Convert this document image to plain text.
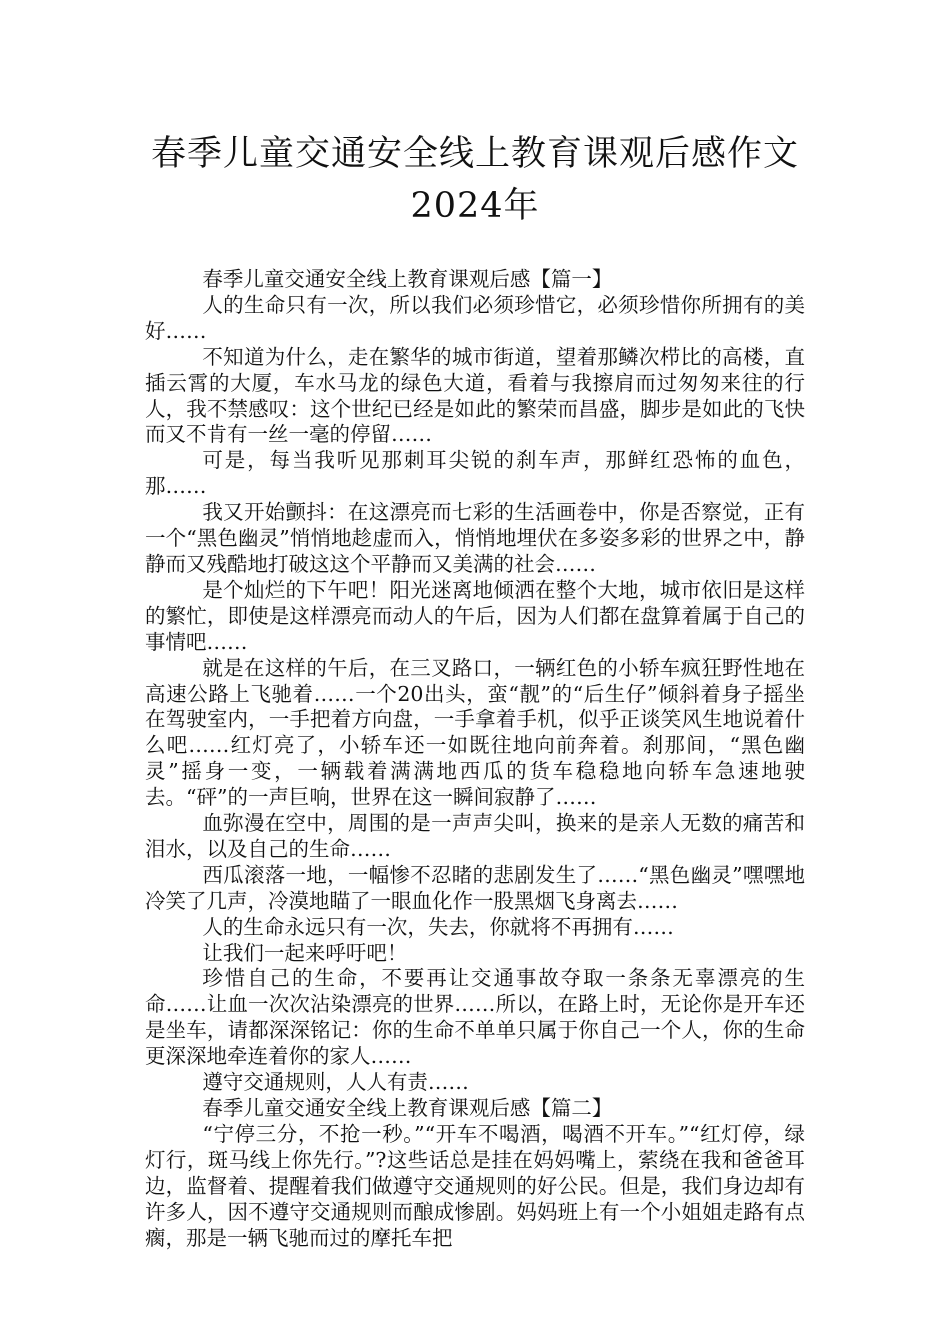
春季儿童交通安全线上教育课观后感作文
2024年

春季儿童交通安全线上教育课观后感【篇一】

人的生命只有一次，所以我们必须珍惜它，必须珍惜你所拥有的美好……

不知道为什么，走在繁华的城市街道，望着那鳞次栉比的高楼，直插云霄的大厦，车水马龙的绿色大道，看着与我擦肩而过匆匆来往的行人，我不禁感叹：这个世纪已经是如此的繁荣而昌盛，脚步是如此的飞快而又不肯有一丝一毫的停留……

可是，每当我听见那刺耳尖锐的刹车声，那鲜红恐怖的血色，那……

我又开始颤抖：在这漂亮而七彩的生活画卷中，你是否察觉，正有一个“黑色幽灵”悄悄地趁虚而入，悄悄地埋伏在多姿多彩的世界之中，静静而又残酷地打破这这个平静而又美满的社会……

是个灿烂的下午吧！阳光迷离地倾洒在整个大地，城市依旧是这样的繁忙，即使是这样漂亮而动人的午后，因为人们都在盘算着属于自己的事情吧……

就是在这样的午后，在三叉路口，一辆红色的小轿车疯狂野性地在高速公路上飞驰着……一个20出头，蛮“靓”的“后生仔”倾斜着身子摇坐在驾驶室内，一手把着方向盘，一手拿着手机，似乎正谈笑风生地说着什么吧……红灯亮了，小轿车还一如既往地向前奔着。刹那间，“黑色幽灵”摇身一变，一辆载着满满地西瓜的货车稳稳地向轿车急速地驶去。“砰”的一声巨响，世界在这一瞬间寂静了……

血弥漫在空中，周围的是一声声尖叫，换来的是亲人无数的痛苦和泪水，以及自己的生命……

西瓜滚落一地，一幅惨不忍睹的悲剧发生了……“黑色幽灵”嘿嘿地冷笑了几声，冷漠地瞄了一眼血化作一股黑烟飞身离去……

人的生命永远只有一次，失去，你就将不再拥有……

让我们一起来呼吁吧！

珍惜自己的生命，不要再让交通事故夺取一条条无辜漂亮的生命……让血一次次沾染漂亮的世界……所以，在路上时，无论你是开车还是坐车，请都深深铭记：你的生命不单单只属于你自己一个人，你的生命更深深地牵连着你的家人……

遵守交通规则，人人有责……

春季儿童交通安全线上教育课观后感【篇二】

“宁停三分，不抢一秒。”“开车不喝酒，喝酒不开车。”“红灯停，绿灯行，斑马线上你先行。”?这些话总是挂在妈妈嘴上，萦绕在我和爸爸耳边，监督着、提醒着我们做遵守交通规则的好公民。但是，我们身边却有许多人，因不遵守交通规则而酿成惨剧。妈妈班上有一个小姐姐走路有点瘸，那是一辆飞驰而过的摩托车把
